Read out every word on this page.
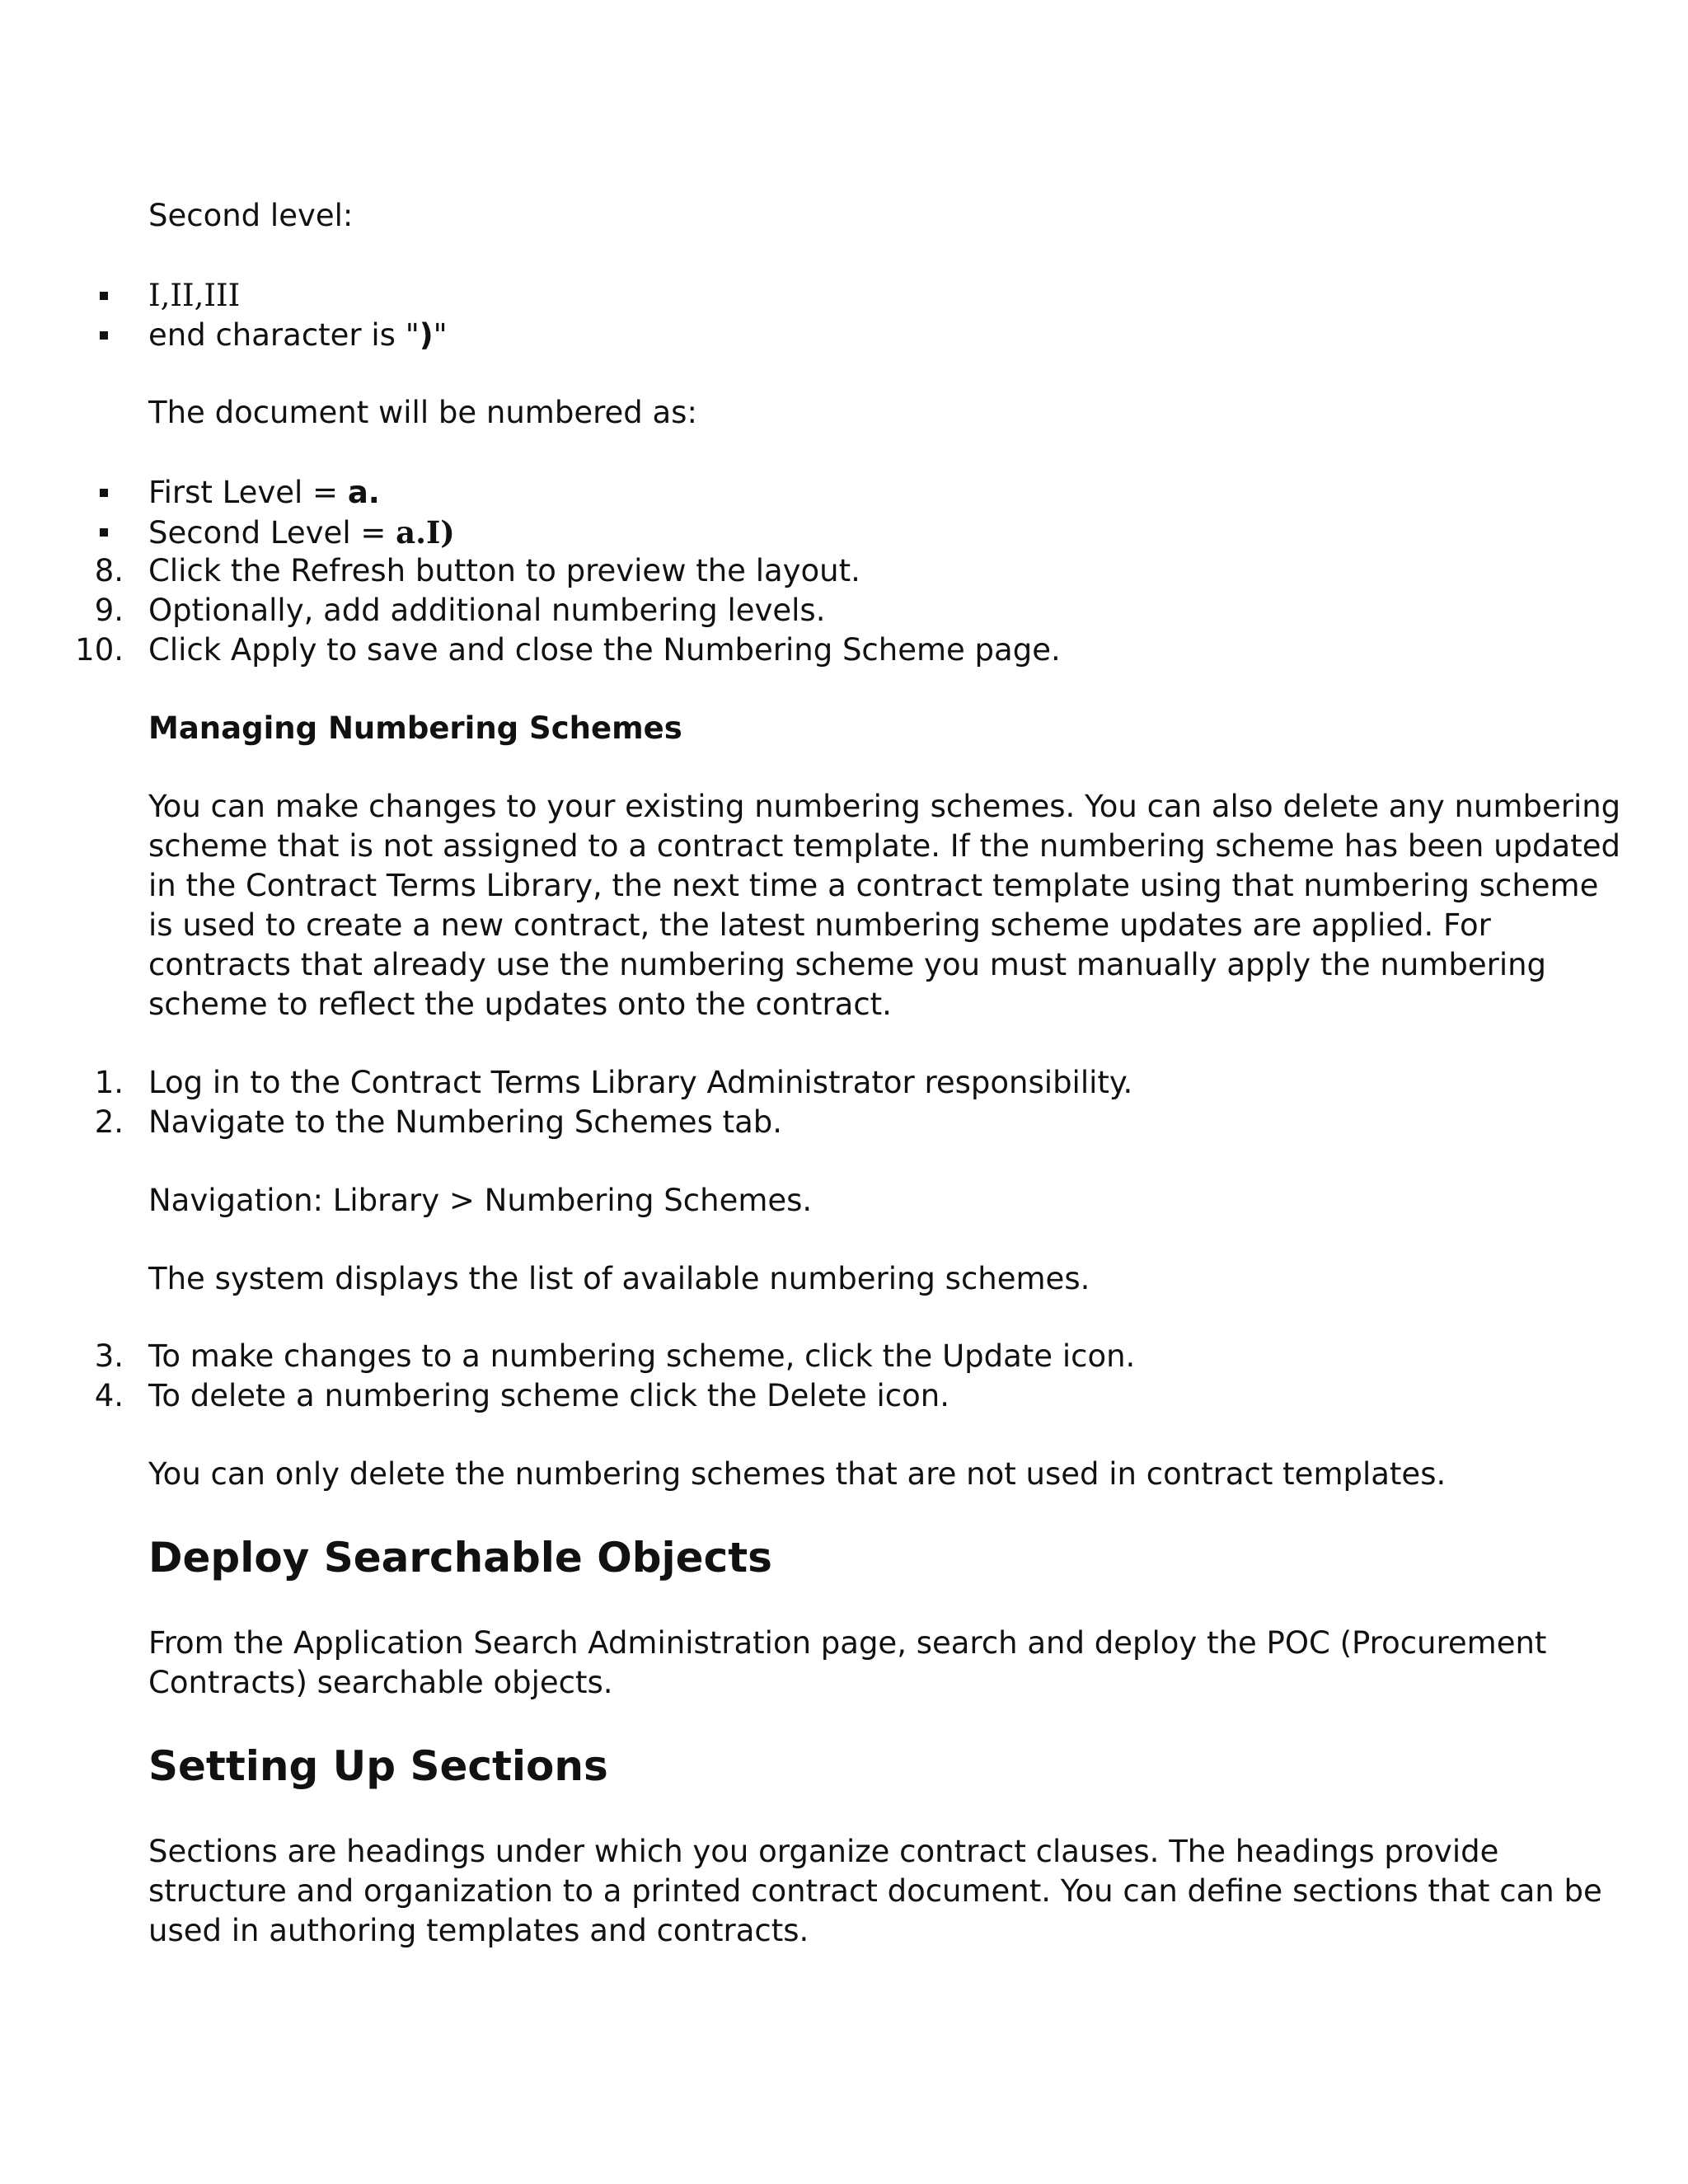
Second level:

I,II,III

end character is ")"

The document will be numbered as:

First Level = a.

Second Level = a.I)

8. Click the Refresh button to preview the layout.

9. Optionally, add additional numbering levels.

10. Click Apply to save and close the Numbering Scheme page.

Managing Numbering Schemes

You can make changes to your existing numbering schemes. You can also delete any numbering

scheme that is not assigned to a contract template. If the numbering scheme has been updated

in the Contract Terms Library, the next time a contract template using that numbering scheme

is used to create a new contract, the latest numbering scheme updates are applied. For

contracts that already use the numbering scheme you must manually apply the numbering

scheme to reflect the updates onto the contract.

1. Log in to the Contract Terms Library Administrator responsibility.

2. Navigate to the Numbering Schemes tab.

Navigation: Library > Numbering Schemes.

The system displays the list of available numbering schemes.

3. To make changes to a numbering scheme, click the Update icon.

4. To delete a numbering scheme click the Delete icon.

You can only delete the numbering schemes that are not used in contract templates.

Deploy Searchable Objects

From the Application Search Administration page, search and deploy the POC (Procurement

Contracts) searchable objects.

Setting Up Sections

Sections are headings under which you organize contract clauses. The headings provide

structure and organization to a printed contract document. You can define sections that can be

used in authoring templates and contracts.
